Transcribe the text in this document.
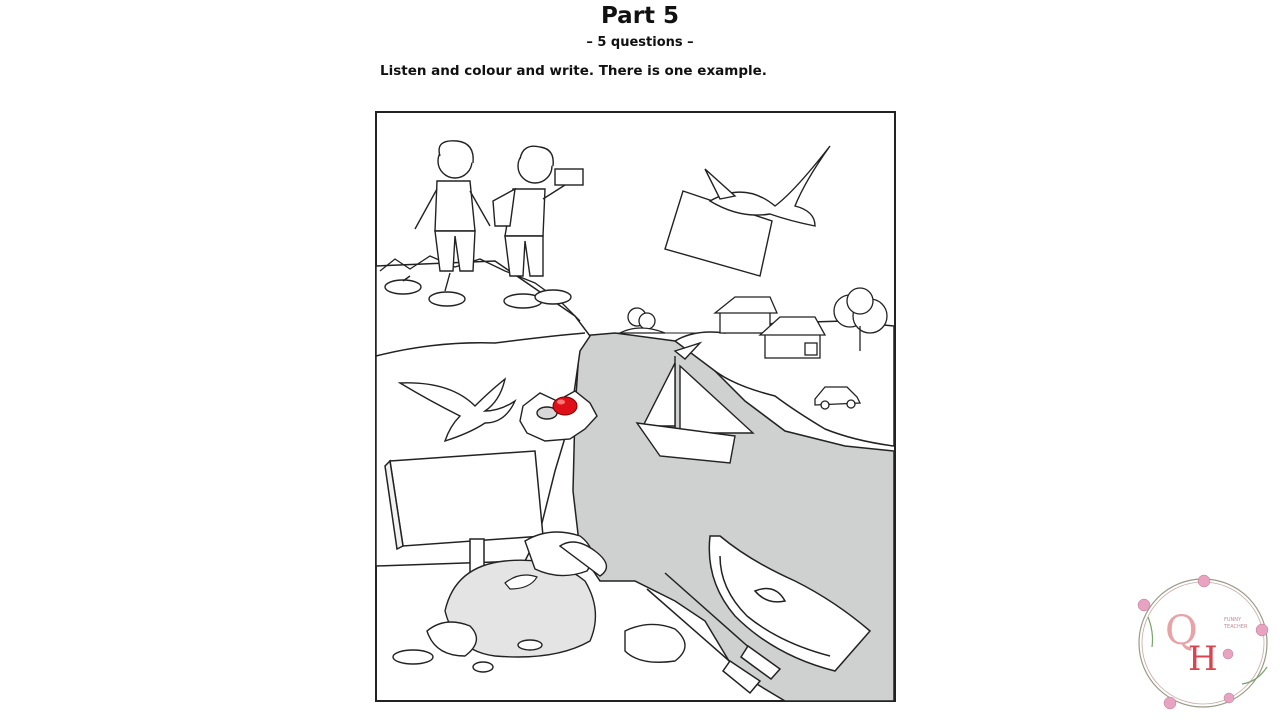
Part 5
– 5 questions –
Listen and colour and write. There is one example.
Q
H
FUNNY
TEACHER
